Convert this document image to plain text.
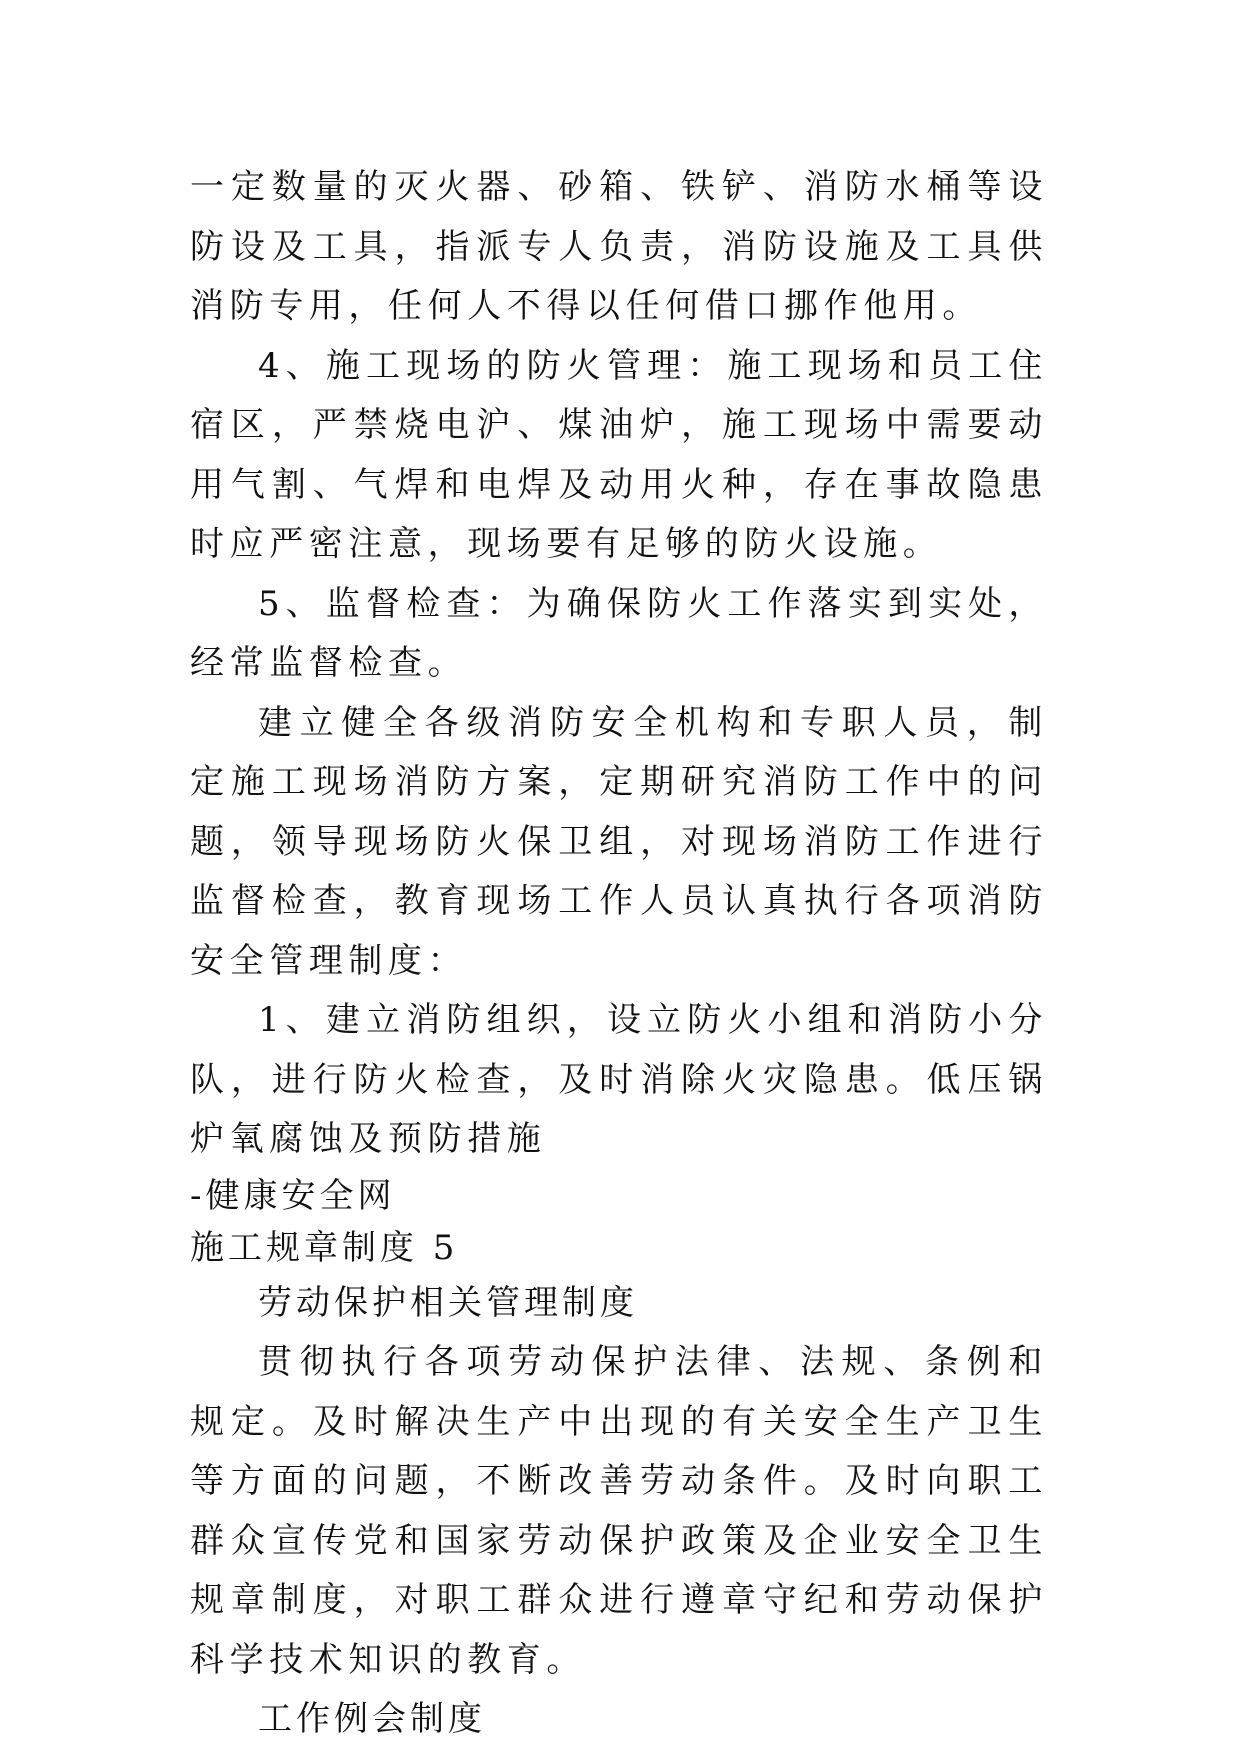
一定数量的灭火器、砂箱、铁铲、消防水桶等设防设及工具，指派专人负责，消防设施及工具供消防专用，任何人不得以任何借口挪作他用。

4、施工现场的防火管理：施工现场和员工住宿区，严禁烧电沪、煤油炉，施工现场中需要动用气割、气焊和电焊及动用火种，存在事故隐患时应严密注意，现场要有足够的防火设施。

5、监督检查：为确保防火工作落实到实处，经常监督检查。

建立健全各级消防安全机构和专职人员，制定施工现场消防方案，定期研究消防工作中的问题，领导现场防火保卫组，对现场消防工作进行监督检查，教育现场工作人员认真执行各项消防安全管理制度：

1、建立消防组织，设立防火小组和消防小分队，进行防火检查，及时消除火灾隐患。低压锅炉氧腐蚀及预防措施

-健康安全网

施工规章制度 5

劳动保护相关管理制度

贯彻执行各项劳动保护法律、法规、条例和规定。及时解决生产中出现的有关安全生产卫生等方面的问题，不断改善劳动条件。及时向职工群众宣传党和国家劳动保护政策及企业安全卫生规章制度，对职工群众进行遵章守纪和劳动保护科学技术知识的教育。

工作例会制度
